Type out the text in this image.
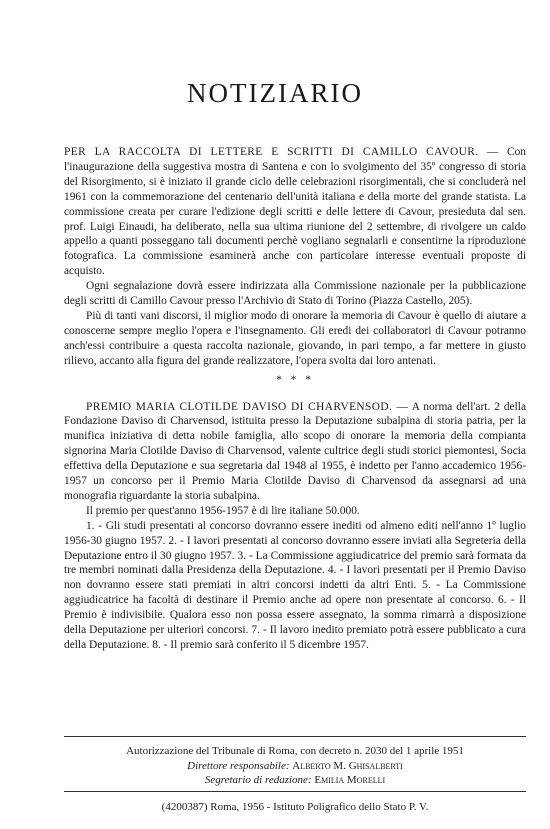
NOTIZIARIO

PER LA RACCOLTA DI LETTERE E SCRITTI DI CAMILLO CAVOUR. — Con l'inaugurazione della suggestiva mostra di Santena e con lo svolgimento del 35º congresso di storia del Risorgimento, si è iniziato il grande ciclo delle celebrazioni risorgimentali, che si concluderà nel 1961 con la commemorazione del centenario dell'unità italiana e della morte del grande statista. La commissione creata per curare l'edizione degli scritti e delle lettere di Cavour, presieduta dal sen. prof. Luigi Einaudi, ha deliberato, nella sua ultima riunione del 2 settembre, di rivolgere un caldo appello a quanti posseggano tali documenti perchè vogliano segnalarli e consentirne la riproduzione fotografica. La commissione esaminerà anche con particolare interesse eventuali proposte di acquisto.

Ogni segnalazione dovrà essere indirizzata alla Commissione nazionale per la pubblicazione degli scritti di Camillo Cavour presso l'Archivio di Stato di Torino (Piazza Castello, 205).

Più di tanti vani discorsi, il miglior modo di onorare la memoria di Cavour è quello di aiutare a conoscerne sempre meglio l'opera e l'insegnamento. Gli eredi dei collaboratori di Cavour potranno anch'essi contribuire a questa raccolta nazionale, giovando, in pari tempo, a far mettere in giusto rilievo, accanto alla figura del grande realizzatore, l'opera svolta dai loro antenati.

* * *

PREMIO MARIA CLOTILDE DAVISO DI CHARVENSOD. — A norma dell'art. 2 della Fondazione Daviso di Charvensod, istituita presso la Deputazione subalpina di storia patria, per la munifica iniziativa di detta nobile famiglia, allo scopo di onorare la memoria della compianta signorina Maria Clotilde Daviso di Charvensod, valente cultrice degli studi storici piemontesi, Socia effettiva della Deputazione e sua segretaria dal 1948 al 1955, è indetto per l'anno accademico 1956-1957 un concorso per il Premio Maria Clotilde Daviso di Charvensod da assegnarsi ad una monografia riguardante la storia subalpina.

Il premio per quest'anno 1956-1957 è di lire italiane 50.000.

1. - Gli studi presentati al concorso dovranno essere inediti od almeno editi nell'anno 1º luglio 1956-30 giugno 1957. 2. - I lavori presentati al concorso dovranno essere inviati alla Segreteria della Deputazione entro il 30 giugno 1957. 3. - La Commissione aggiudicatrice del premio sarà formata da tre membri nominati dalla Presidenza della Deputazione. 4. - I lavori presentati per il Premio Daviso non dovranno essere stati premiati in altri concorsi indetti da altri Enti. 5. - La Commissione aggiudicatrice ha facoltà di destinare il Premio anche ad opere non presentate al concorso. 6. - Il Premio è indivisibile. Qualora esso non possa essere assegnato, la somma rimarrà a disposizione della Deputazione per ulteriori concorsi. 7. - Il lavoro inedito premiato potrà essere pubblicato a cura della Deputazione. 8. - Il premio sarà conferito il 5 dicembre 1957.

Autorizzazione del Tribunale di Roma, con decreto n. 2030 del 1 aprile 1951
Direttore responsabile: Alberto M. Ghisalberti
Segretario di redazione: Emilia Morelli
(4200387) Roma, 1956 - Istituto Poligrafico dello Stato P. V.
